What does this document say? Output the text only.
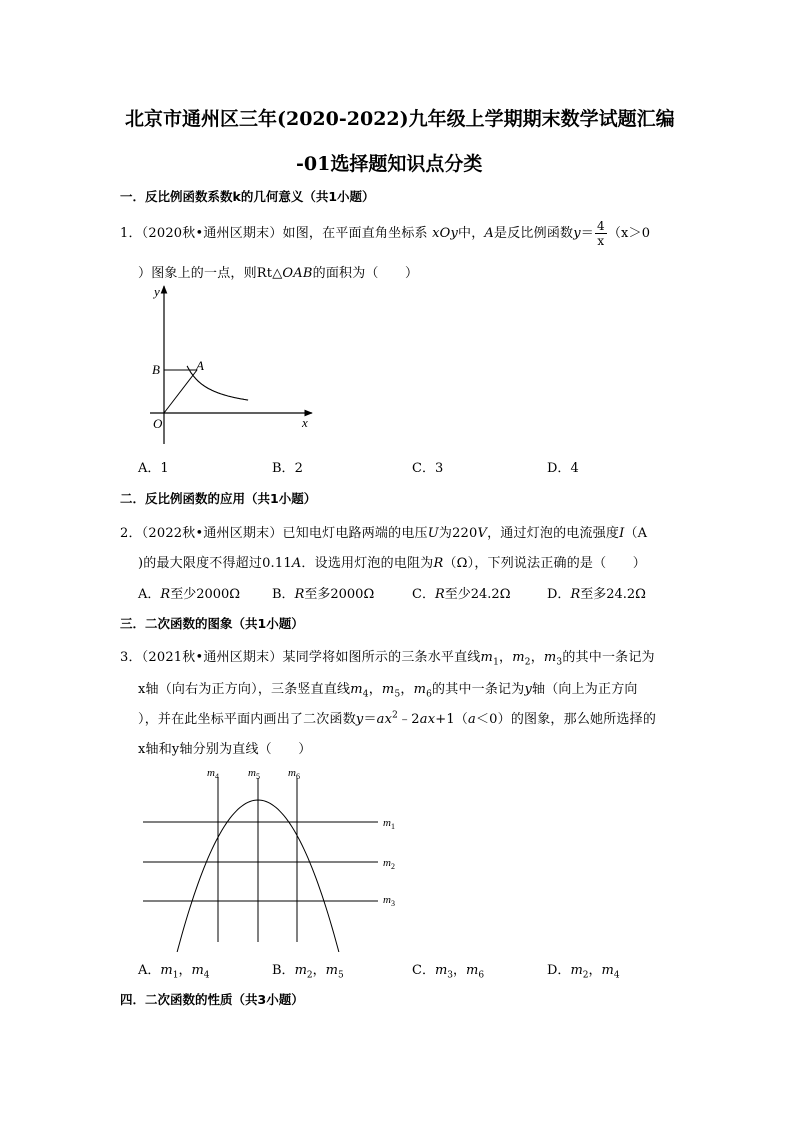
北京市通州区三年(2020-2022)九年级上学期期末数学试题汇编
-01选择题知识点分类
一．反比例函数系数k的几何意义（共1小题）
1．（2020秋•通州区期末）如图，在平面直角坐标系 xOy中，A是反比例函数$y= \frac{4}{x} (x>0$
）图象上的一点，则Rt△OAB的面积为（　　）
y
x
O
B	A
A．1	B．2	C．3	D．4
二．反比例函数的应用（共1小题）
2．（2022秋•通州区期末）已知电灯电路两端的电压U为220V，通过灯泡的电流强度I（A
)的最大限度不得超过0.11A．设选用灯泡的电阻为R（Ω），下列说法正确的是（　　）
A．R至少2000Ω B．R至多2000Ω	C．R至少24.2Ω	D．R至多24.2Ω
三．二次函数的图象（共1小题）
3．（2021秋•通州区期末）某同学将如图所示的三条水平直线$m_1$，$m_2$，$m_3$的其中一条记为
x轴（向右为正方向），三条竖直直线$m_4$，$m_5$，$m_6$的其中一条记为y轴（向上为正方向
），并在此坐标平面内画出了二次函数$y=ax^2﹣2ax+1(a<0)$的图象，那么她所选择的
x轴和y轴分别为直线（　　）
$m_4$	$m_5$	$m_6$
$m_1$
$m_2$
$m_3$
A．$m_1$，$m_4$	B．$m_2$，$m_5$	C．$m_3$，$m_6$	D．$m_2$，$m_4$
四．二次函数的性质（共3小题）
